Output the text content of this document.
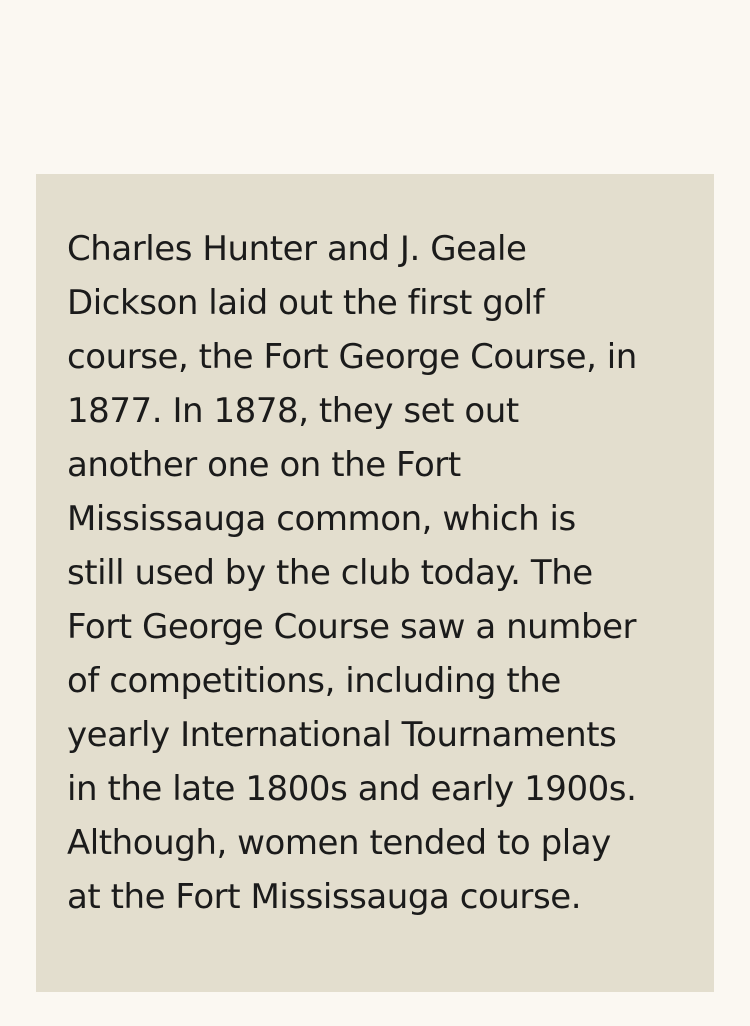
Charles Hunter and J. Geale
Dickson laid out the first golf
course, the Fort George Course, in
1877. In 1878, they set out
another one on the Fort
Mississauga common, which is
still used by the club today. The
Fort George Course saw a number
of competitions, including the
yearly International Tournaments
in the late 1800s and early 1900s.
Although, women tended to play
at the Fort Mississauga course.
